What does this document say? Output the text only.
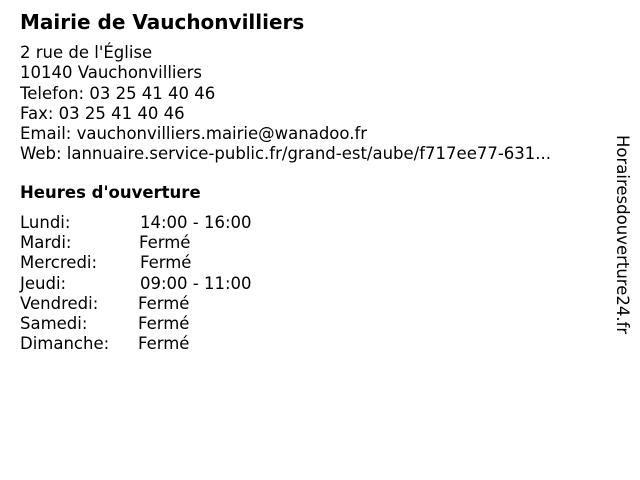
Mairie de Vauchonvilliers
2 rue de l'Église
10140 Vauchonvilliers
Telefon: 03 25 41 40 46
Fax: 03 25 41 40 46
Email: vauchonvilliers.mairie@wanadoo.fr
Web: lannuaire.service-public.fr/grand-est/aube/f717ee77-631...
Heures d'ouverture
Lundi:	14:00 - 16:00
Mardi:	Fermé
Mercredi:	Fermé
Jeudi:	09:00 - 11:00
Vendredi: Fermé
Samedi:	Fermé
Dimanche: Fermé
Horairesdouverture24.fr
